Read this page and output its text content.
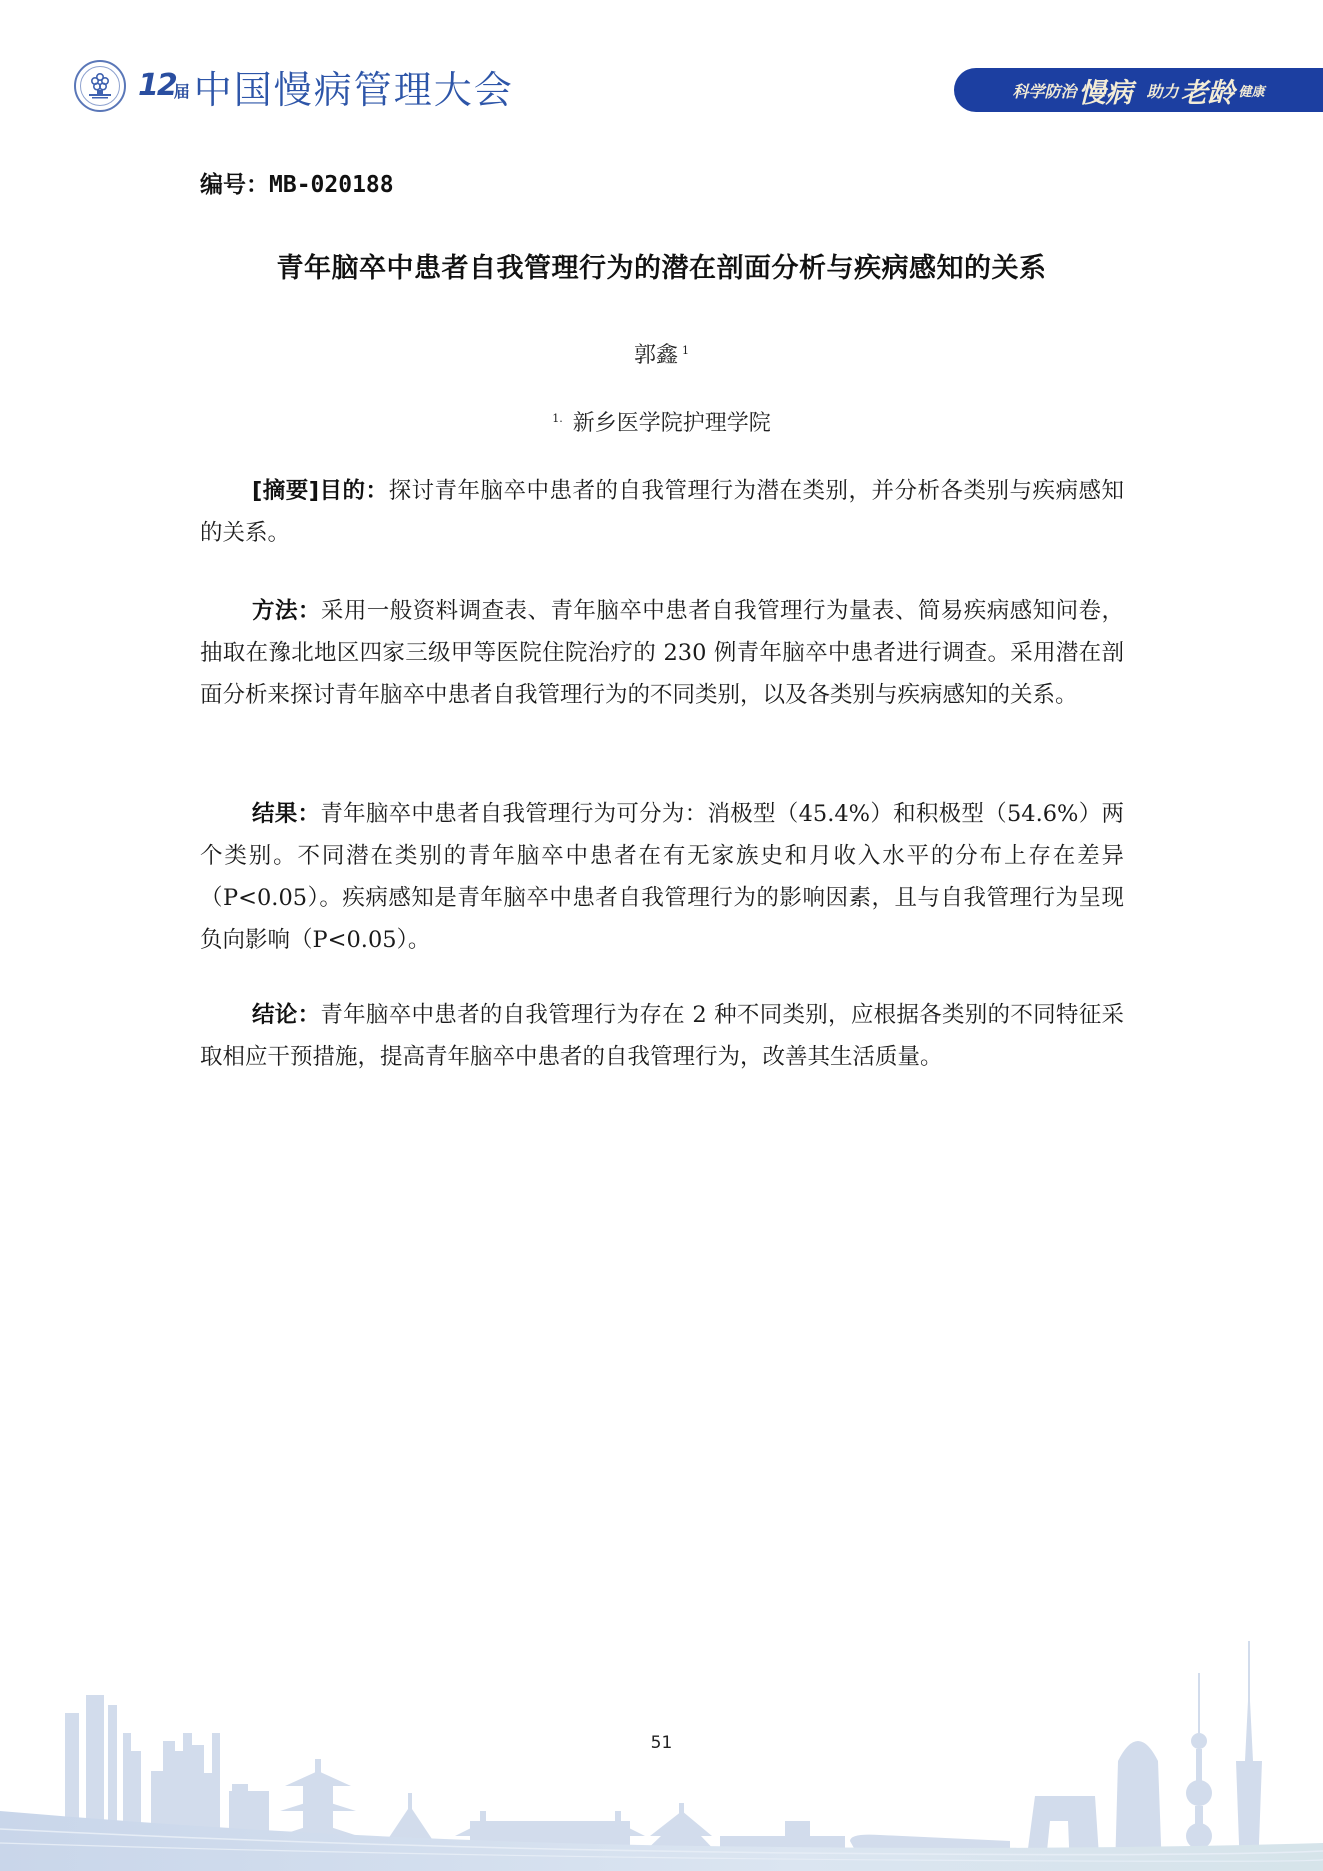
12届 中国慢病管理大会	科学防治 慢病 助力 老龄 健康
编号：MB-020188
青年脑卒中患者自我管理行为的潜在剖面分析与疾病感知的关系
郭鑫 $^1$
$^{1.}$ 新乡医学院护理学院

[摘要]目的：探讨青年脑卒中患者的自我管理行为潜在类别，并分析各类别与疾病感知的关系。

方法：采用一般资料调查表、青年脑卒中患者自我管理行为量表、简易疾病感知问卷，抽取在豫北地区四家三级甲等医院住院治疗的 230 例青年脑卒中患者进行调查。采用潜在剖面分析来探讨青年脑卒中患者自我管理行为的不同类别，以及各类别与疾病感知的关系。

结果：青年脑卒中患者自我管理行为可分为：消极型（45.4%）和积极型（54.6%）两个类别。不同潜在类别的青年脑卒中患者在有无家族史和月收入水平的分布上存在差异（P<0.05）。疾病感知是青年脑卒中患者自我管理行为的影响因素，且与自我管理行为呈现负向影响（P<0.05）。

结论：青年脑卒中患者的自我管理行为存在 2 种不同类别，应根据各类别的不同特征采取相应干预措施，提高青年脑卒中患者的自我管理行为，改善其生活质量。

51
